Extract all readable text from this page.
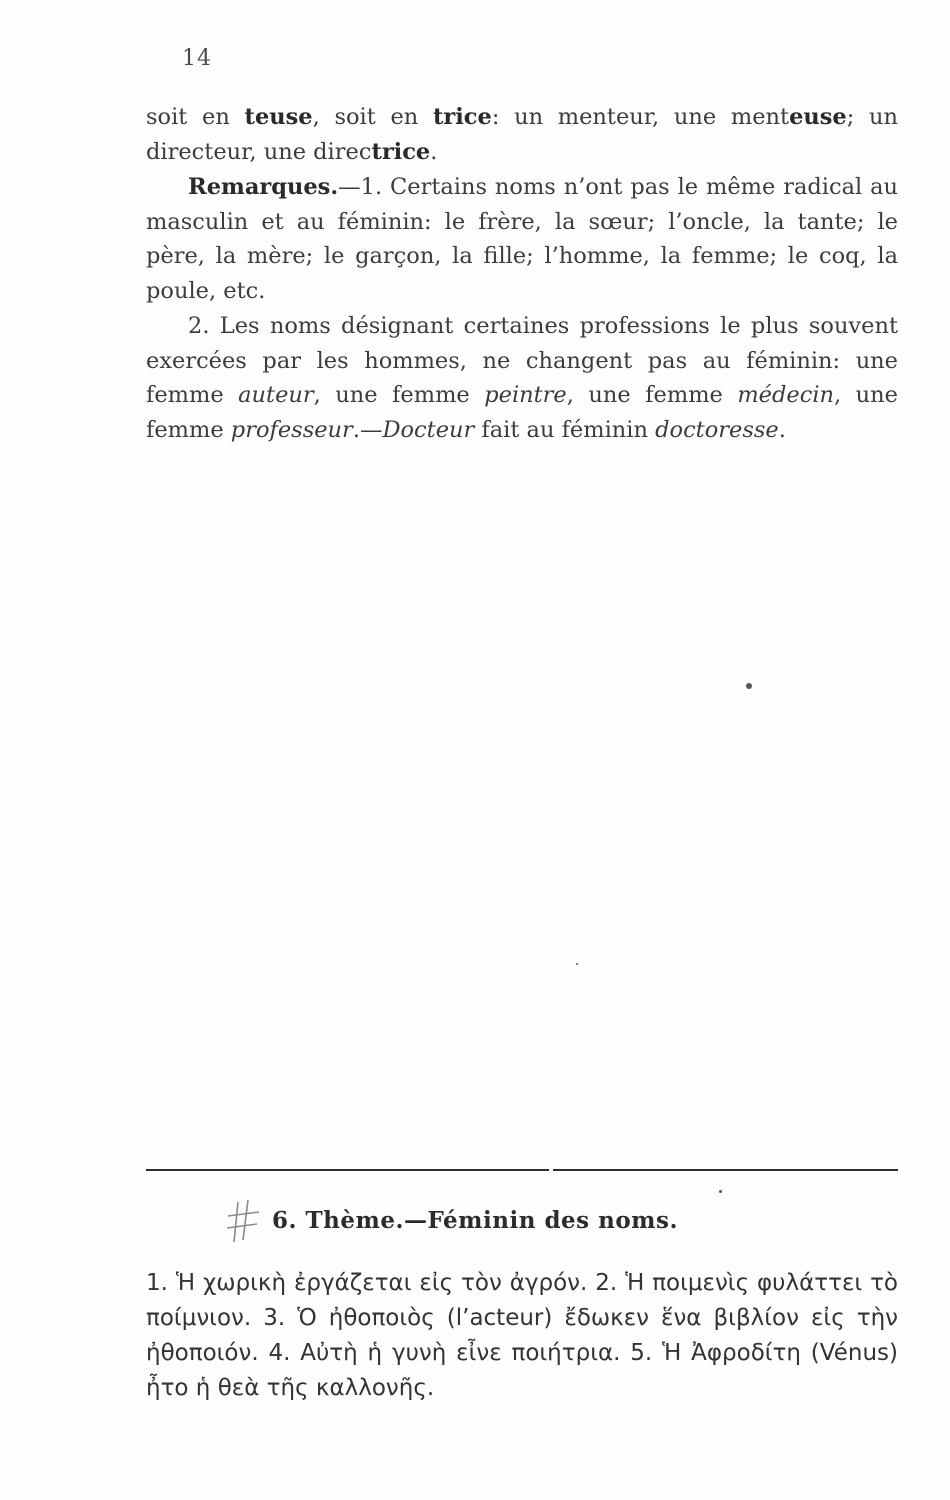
14

soit en teuse, soit en trice: un menteur, une menteuse; un directeur, une directrice.

Remarques.—1. Certains noms n’ont pas le même radical au masculin et au féminin: le frère, la sœur; l’oncle, la tante; le père, la mère; le garçon, la fille; l’homme, la femme; le coq, la poule, etc.

2. Les noms désignant certaines professions le plus souvent exercées par les hommes, ne changent pas au féminin: une femme auteur, une femme peintre, une femme médecin, une femme professeur.—Docteur fait au féminin doctoresse.

6. Thème.—Féminin des noms.

1. Ἡ χωρικὴ ἐργάζεται εἰς τὸν ἀγρόν. 2. Ἡ ποιμενὶς φυλάττει τὸ ποίμνιον. 3. Ὁ ἠθοποιὸς (l’acteur) ἔδωκεν ἕνα βιβλίον εἰς τὴν ἠθοποιόν. 4. Αὐτὴ ἡ γυνὴ εἶνε ποιήτρια. 5. Ἡ Ἀφροδίτη (Vénus) ἦτο ἡ θεὰ τῆς καλλονῆς.
